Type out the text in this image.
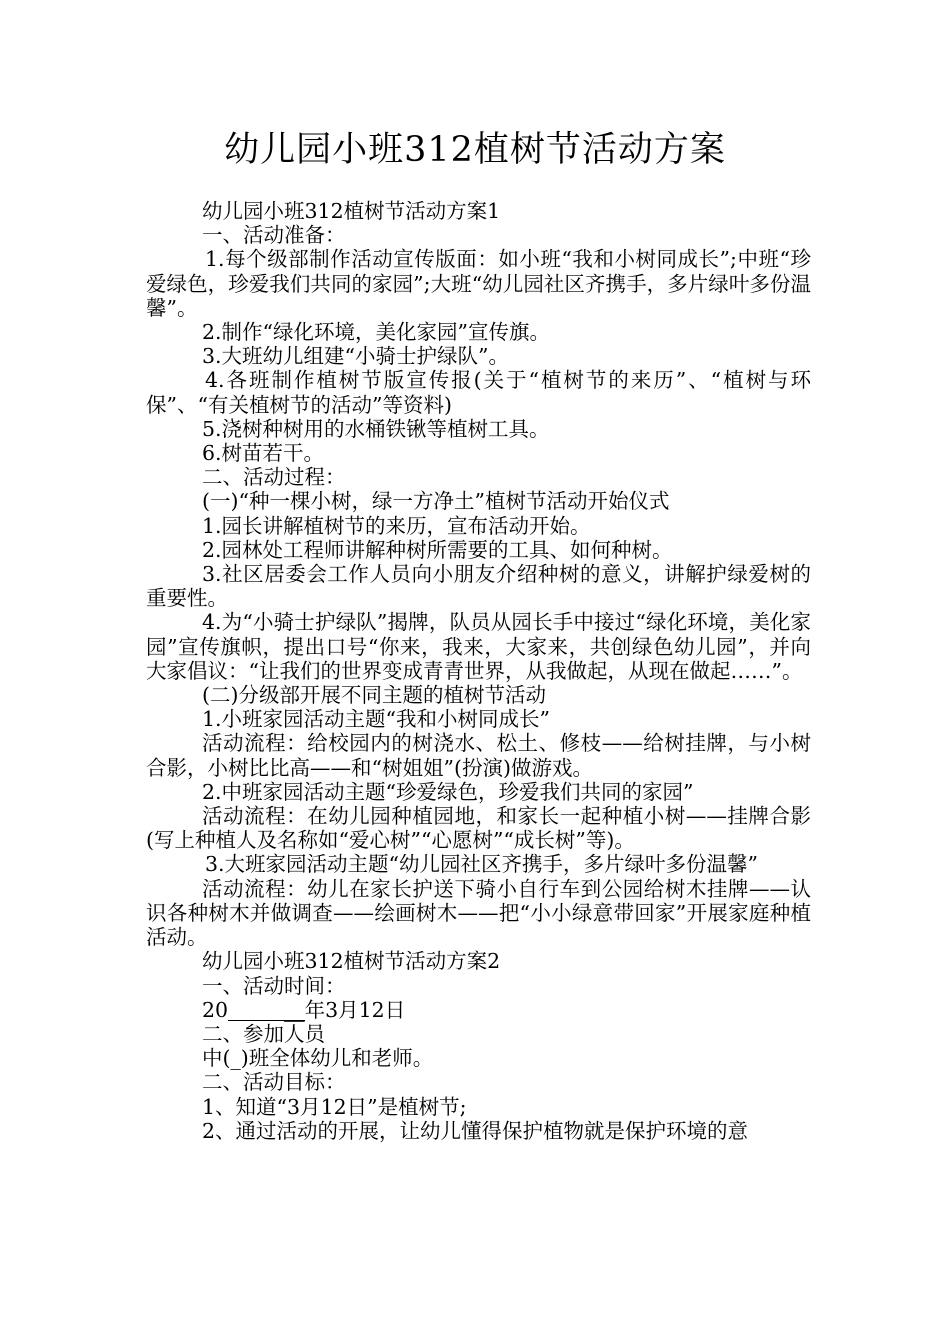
幼儿园小班312植树节活动方案

幼儿园小班312植树节活动方案1

一、活动准备：

1.每个级部制作活动宣传版面：如小班“我和小树同成长”;中班“珍爱绿色，珍爱我们共同的家园”;大班“幼儿园社区齐携手，多片绿叶多份温馨”。

2.制作“绿化环境，美化家园”宣传旗。

3.大班幼儿组建“小骑士护绿队”。

4.各班制作植树节版宣传报(关于“植树节的来历”、“植树与环保”、“有关植树节的活动”等资料)

5.浇树种树用的水桶铁锹等植树工具。

6.树苗若干。

二、活动过程：

(一)“种一棵小树，绿一方净土”植树节活动开始仪式

1.园长讲解植树节的来历，宣布活动开始。

2.园林处工程师讲解种树所需要的工具、如何种树。

3.社区居委会工作人员向小朋友介绍种树的意义，讲解护绿爱树的重要性。

4.为“小骑士护绿队”揭牌，队员从园长手中接过“绿化环境，美化家园”宣传旗帜，提出口号“你来，我来，大家来，共创绿色幼儿园”，并向大家倡议：“让我们的世界变成青青世界，从我做起，从现在做起……”。

(二)分级部开展不同主题的植树节活动

1.小班家园活动主题“我和小树同成长”

活动流程：给校园内的树浇水、松土、修枝——给树挂牌，与小树合影，小树比比高——和“树姐姐”(扮演)做游戏。

2.中班家园活动主题“珍爱绿色，珍爱我们共同的家园”

活动流程：在幼儿园种植园地，和家长一起种植小树——挂牌合影(写上种植人及名称如“爱心树”“心愿树”“成长树”等)。

3.大班家园活动主题“幼儿园社区齐携手，多片绿叶多份温馨”

活动流程：幼儿在家长护送下骑小自行车到公园给树木挂牌——认识各种树木并做调查——绘画树木——把“小小绿意带回家”开展家庭种植活动。

幼儿园小班312植树节活动方案2

一、活动时间：

20	__年3月12日

二、参加人员

中(_)班全体幼儿和老师。

二、活动目标：

1、知道“3月12日”是植树节;

2、通过活动的开展，让幼儿懂得保护植物就是保护环境的意
